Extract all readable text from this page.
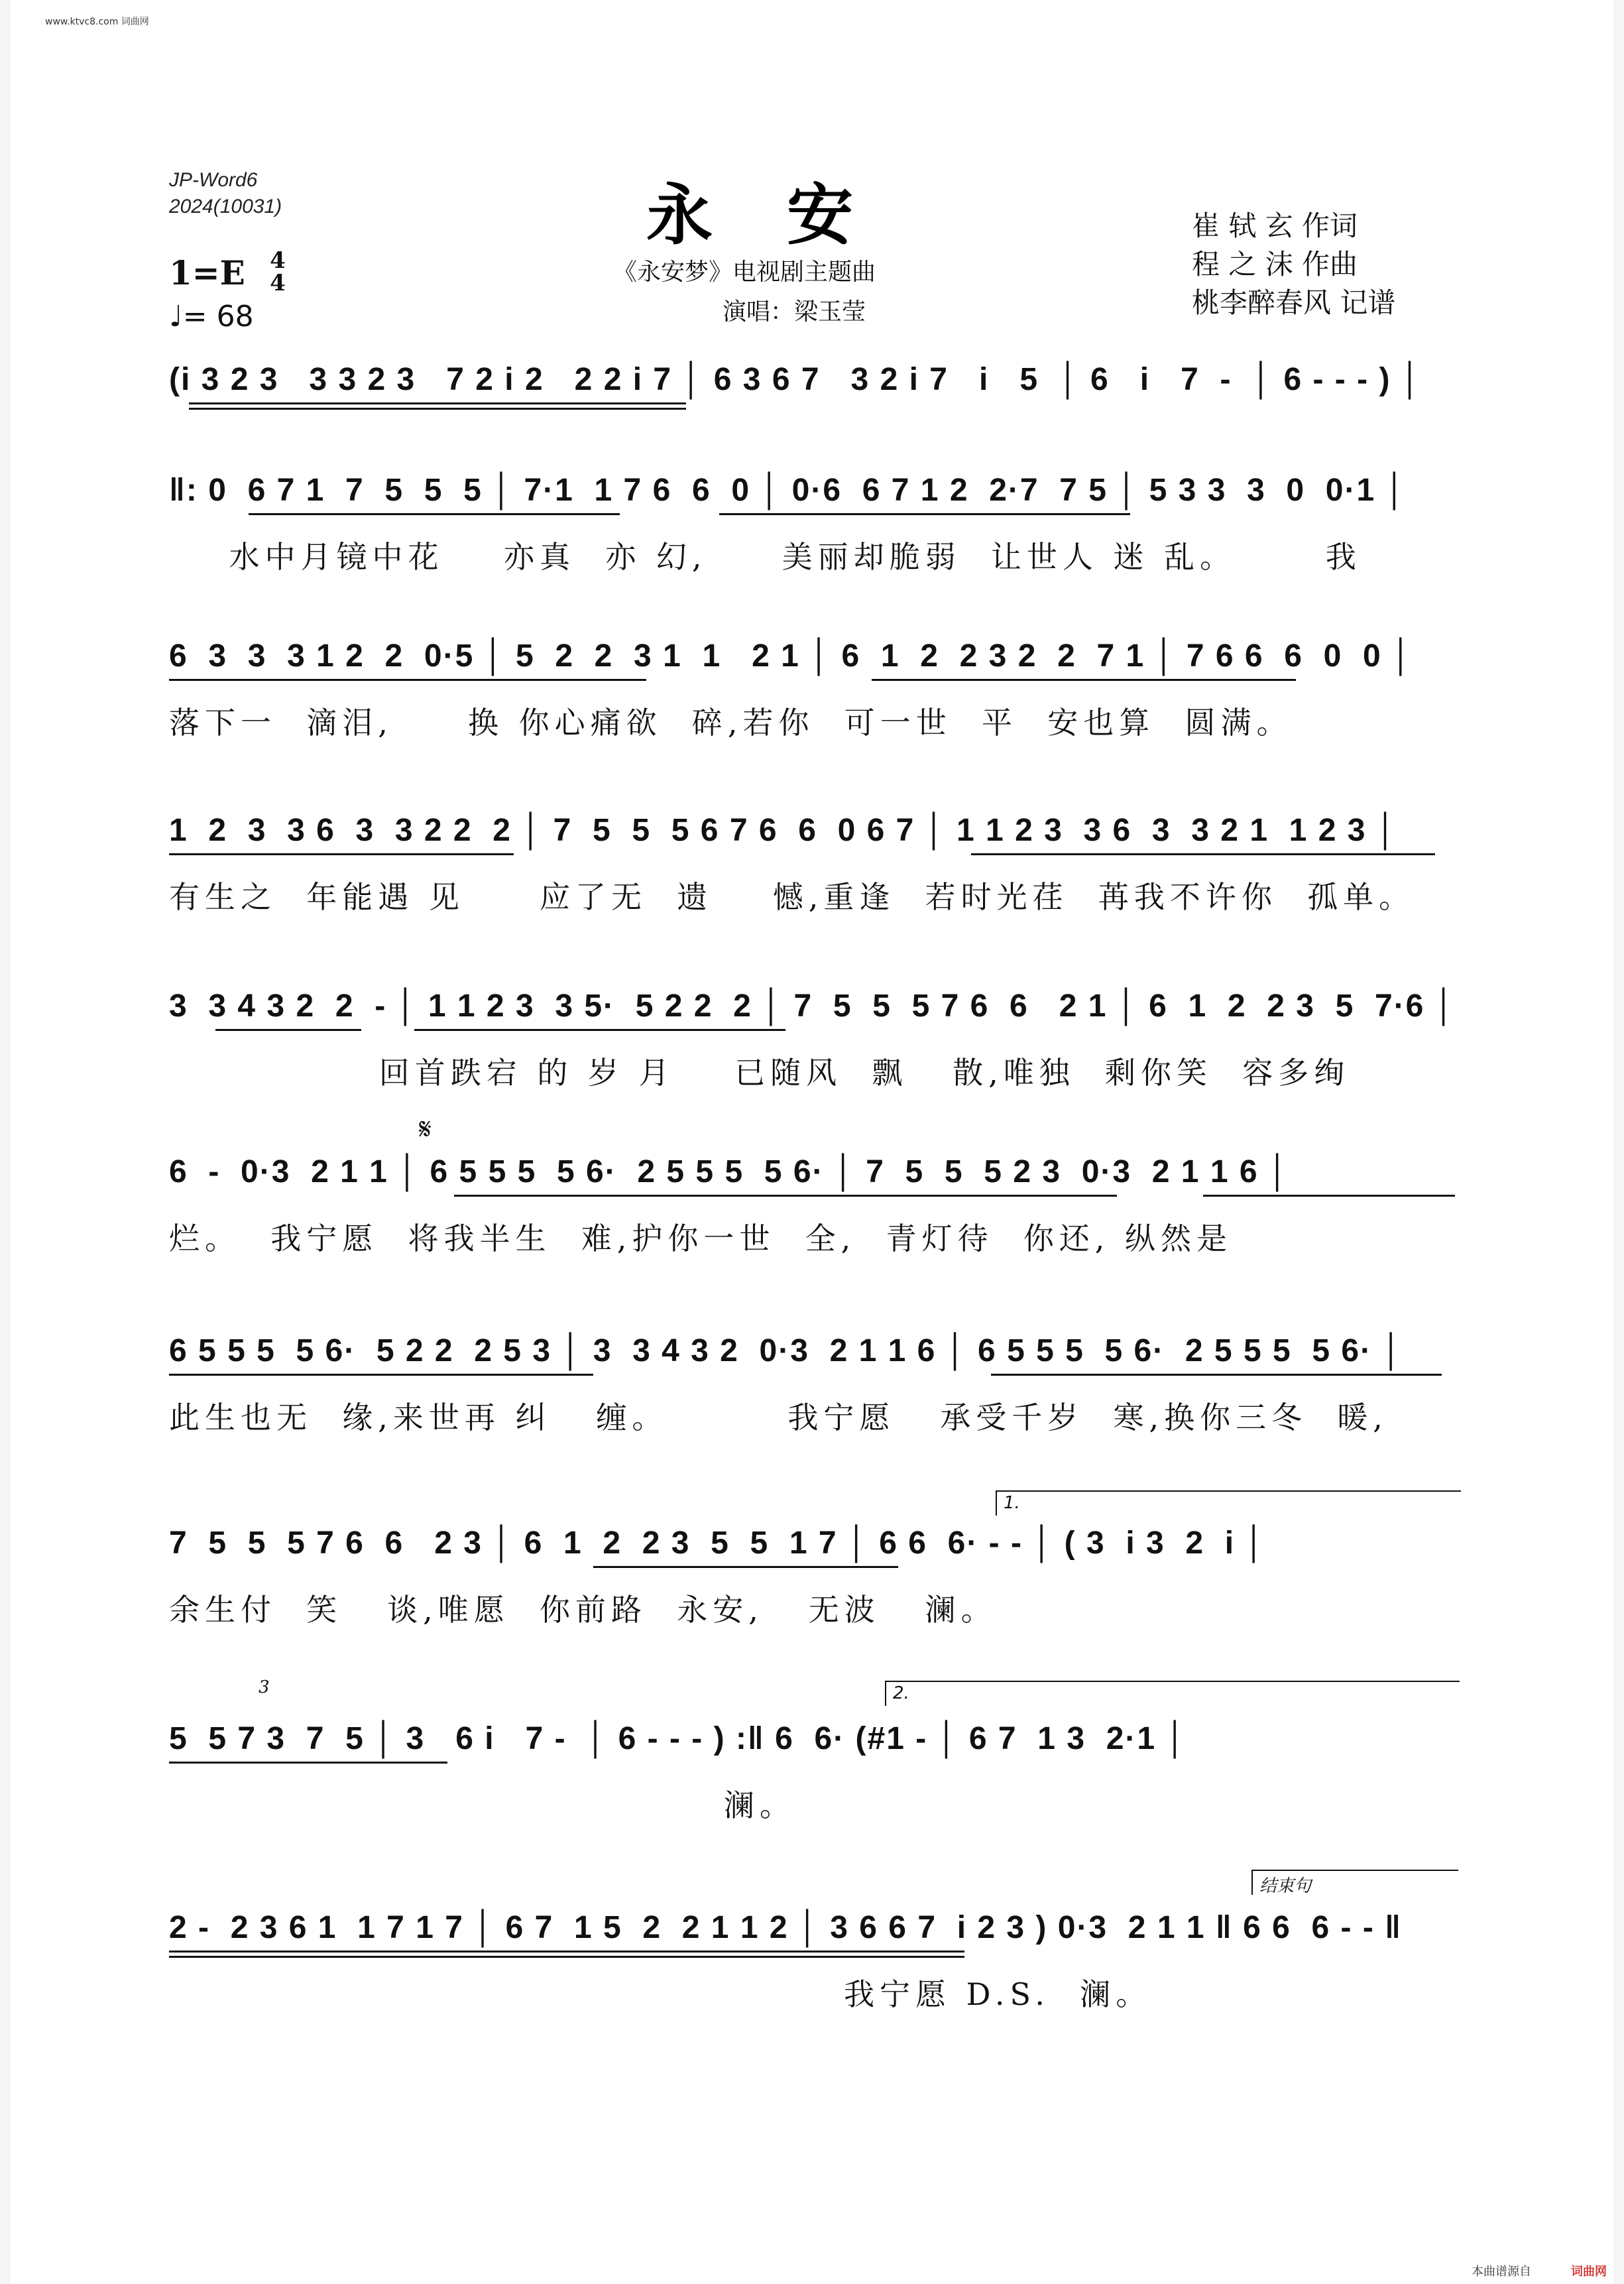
www.ktvc8.com 词曲网
JP-Word6
2024(10031)	永安
《永安梦》电视剧主题曲
演唱：梁玉莹
1=E 4
4
♩= 68
崔 轼 玄 作词
程 之 沫 作曲
桃李醉春风 记谱
(i 3 2 3   3 3 2 3   7 2 i 2   2 2 i 7 │ 6 3 6 7   3 2 i 7   i   5  │ 6   i   7  -  │ 6 - - - ) │
‖: 0  6 7 1  7  5  5  5 │ 7·1  1 7 6  6  0 │ 0·6  6 7 1 2  2·7  7 5 │ 5 3 3  3  0  0·1 │
水中月镜中花    亦真  亦 幻,     美丽却脆弱  让世人 迷 乱。      我
6  3  3  3 1 2  2  0·5 │ 5  2  2  3 1  1   2 1 │ 6  1  2  2 3 2  2  7 1 │ 7 6 6  6  0  0 │
落下一  滴泪,     换 你心痛欲  碎,若你  可一世  平  安也算  圆满。
1  2  3  3 6  3  3 2 2  2 │ 7  5  5  5 6 7 6  6  0 6 7 │ 1 1 2 3  3 6  3  3 2 1  1 2 3 │
有生之  年能遇 见     应了无  遗    憾,重逢  若时光荏  苒我不许你  孤单。
3  3 4 3 2  2  - │ 1 1 2 3  3 5·  5 2 2  2 │ 7  5  5  5 7 6  6   2 1 │ 6  1  2  2 3  5  7·6 │
回首跌宕 的 岁 月    已随风  飘   散,唯独  剩你笑  容多绚
𝄋
6  -  0·3  2 1 1 │ 6 5 5 5  5 6·  2 5 5 5  5 6· │ 7  5  5  5 2 3  0·3  2 1 1 6 │
烂。  我宁愿  将我半生  难,护你一世  全,  青灯待  你还, 纵然是
6 5 5 5  5 6·  5 2 2  2 5 3 │ 3  3 4 3 2  0·3  2 1 1 6 │ 6 5 5 5  5 6·  2 5 5 5  5 6· │
此生也无  缘,来世再 纠   缠。        我宁愿   承受千岁  寒,换你三冬  暖,
1.
7  5  5  5 7 6  6   2 3 │ 6  1  2  2 3  5  5  1 7 │ 6 6  6· - - │ ( 3  i 3  2  i │
余生付  笑   谈,唯愿  你前路  永安,   无波   澜。
2.
3
5  5 7 3  7  5 │ 3   6 i   7 -  │ 6 - - - ) :‖ 6  6· (#1 - │ 6 7  1 3  2·1 │
澜。
结束句
2 -  2 3 6 1  1 7 1 7 │ 6 7  1 5  2  2 1 1 2 │ 3 6 6 7  i 2 3 ) 0·3  2 1 1 ‖ 6 6  6 - - ‖
我宁愿 D.S.  澜。
本曲谱源自	词曲网
